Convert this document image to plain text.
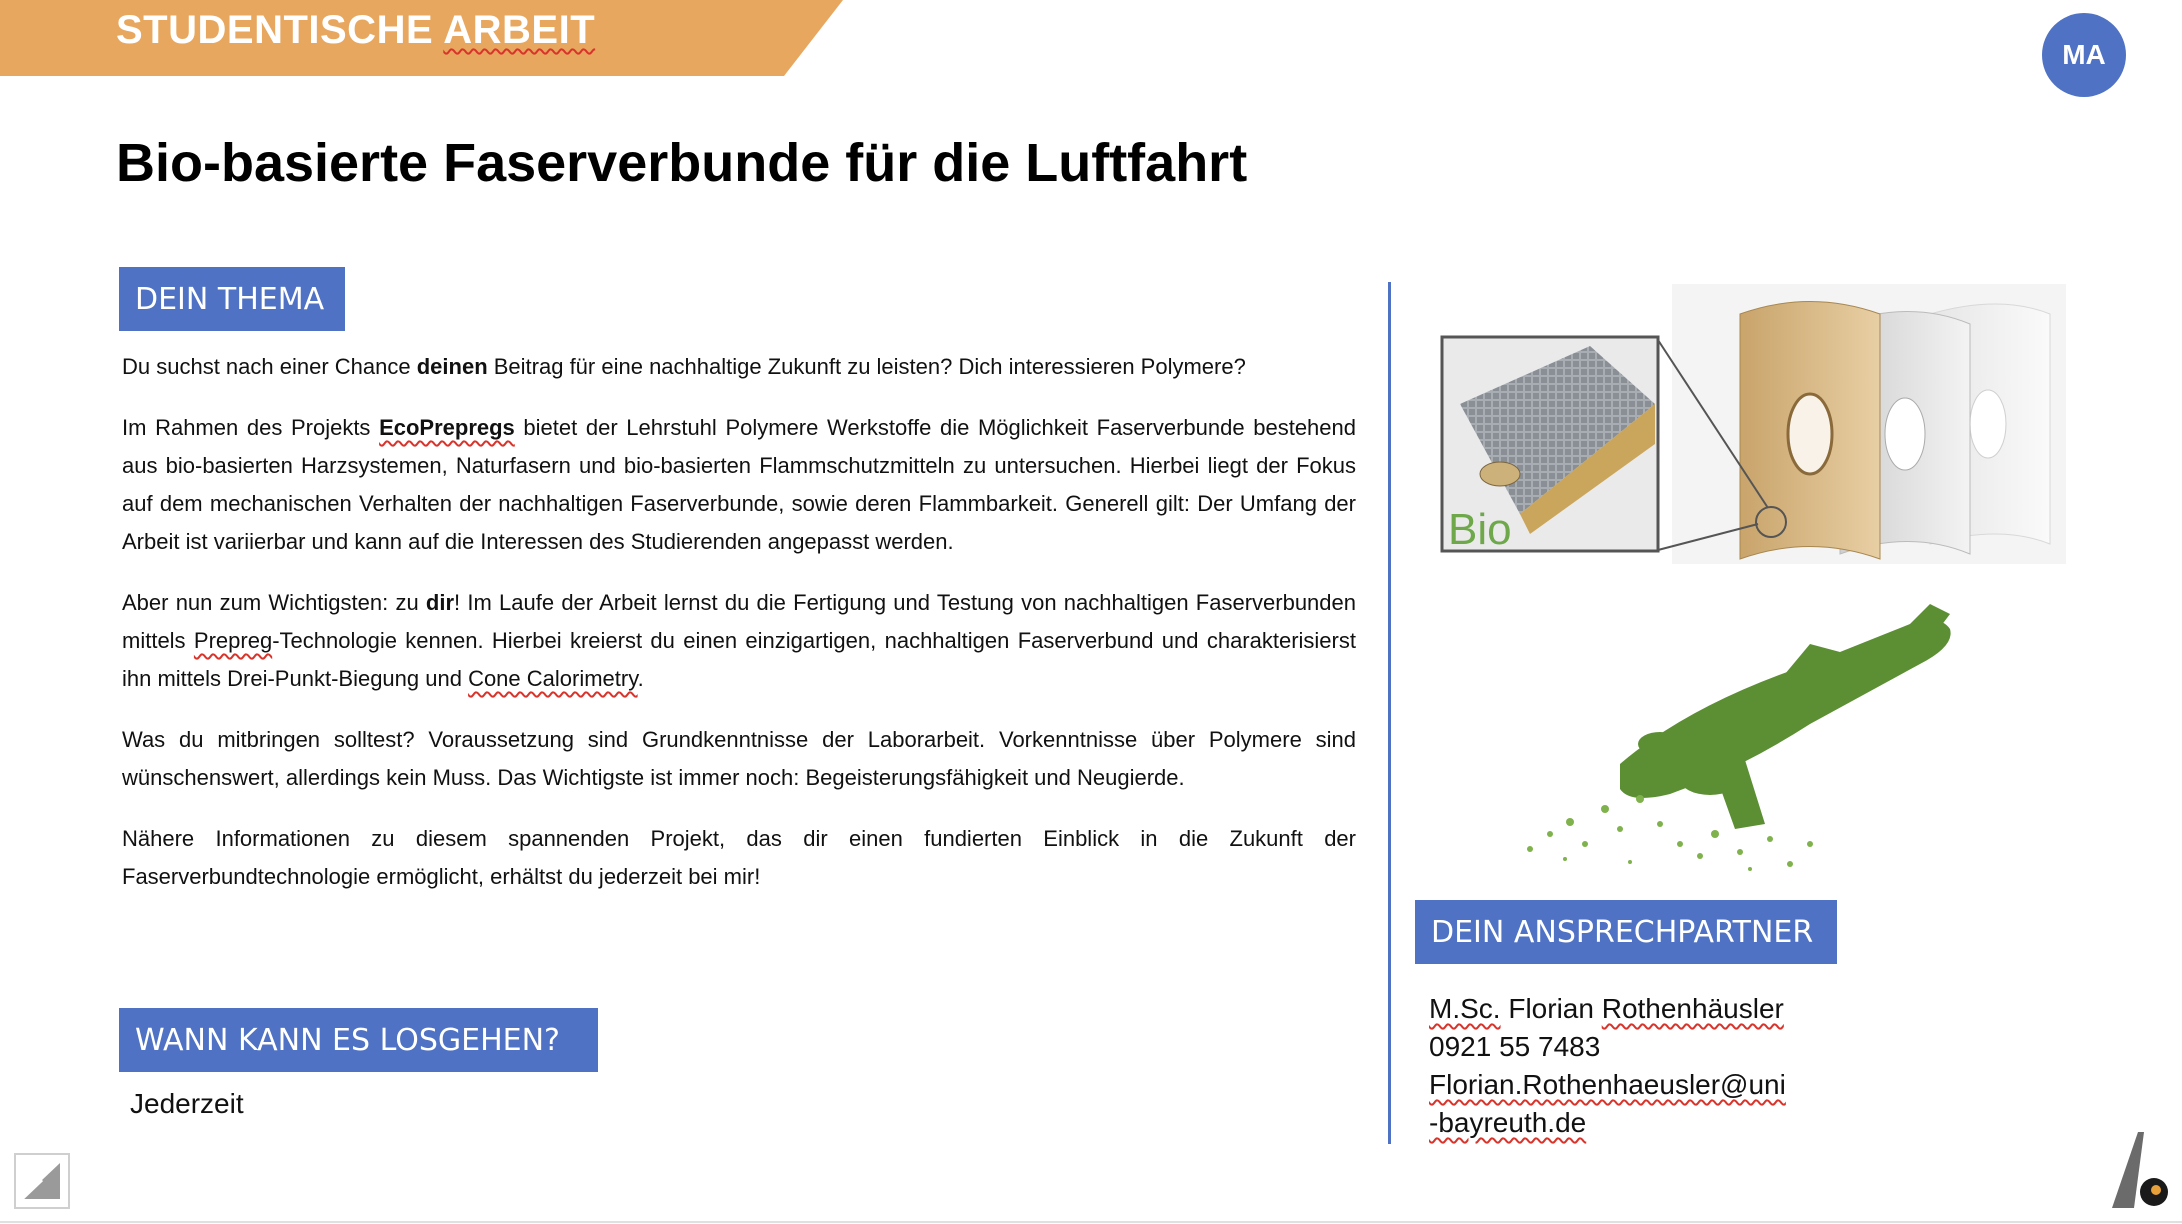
STUDENTISCHE ARBEIT
MA
Bio-basierte Faserverbunde für die Luftfahrt
DEIN THEMA

Du suchst nach einer Chance deinen Beitrag für eine nachhaltige Zukunft zu leisten? Dich interessieren Polymere?

Im Rahmen des Projekts EcoPrepregs bietet der Lehrstuhl Polymere Werkstoffe die Möglichkeit Faserverbunde bestehend aus bio-basierten Harzsystemen, Naturfasern und bio-basierten Flammschutzmitteln zu untersuchen. Hierbei liegt der Fokus auf dem mechanischen Verhalten der nachhaltigen Faserverbunde, sowie deren Flammbarkeit. Generell gilt: Der Umfang der Arbeit ist variierbar und kann auf die Interessen des Studierenden angepasst werden.

Aber nun zum Wichtigsten: zu dir! Im Laufe der Arbeit lernst du die Fertigung und Testung von nachhaltigen Faserverbunden mittels Prepreg-Technologie kennen. Hierbei kreierst du einen einzigartigen, nachhaltigen Faserverbund und charakterisierst ihn mittels Drei-Punkt-Biegung und Cone Calorimetry.

Was du mitbringen solltest? Voraussetzung sind Grundkenntnisse der Laborarbeit. Vorkenntnisse über Polymere sind wünschenswert, allerdings kein Muss. Das Wichtigste ist immer noch: Begeisterungsfähigkeit und Neugierde.

Nähere Informationen zu diesem spannenden Projekt, das dir einen fundierten Einblick in die Zukunft der Faserverbundtechnologie ermöglicht, erhältst du jederzeit bei mir!

WANN KANN ES LOSGEHEN?
Jederzeit
Bio
DEIN ANSPRECHPARTNER
M.Sc. Florian Rothenhäusler
0921 55 7483
Florian.Rothenhaeusler@uni
-bayreuth.de
